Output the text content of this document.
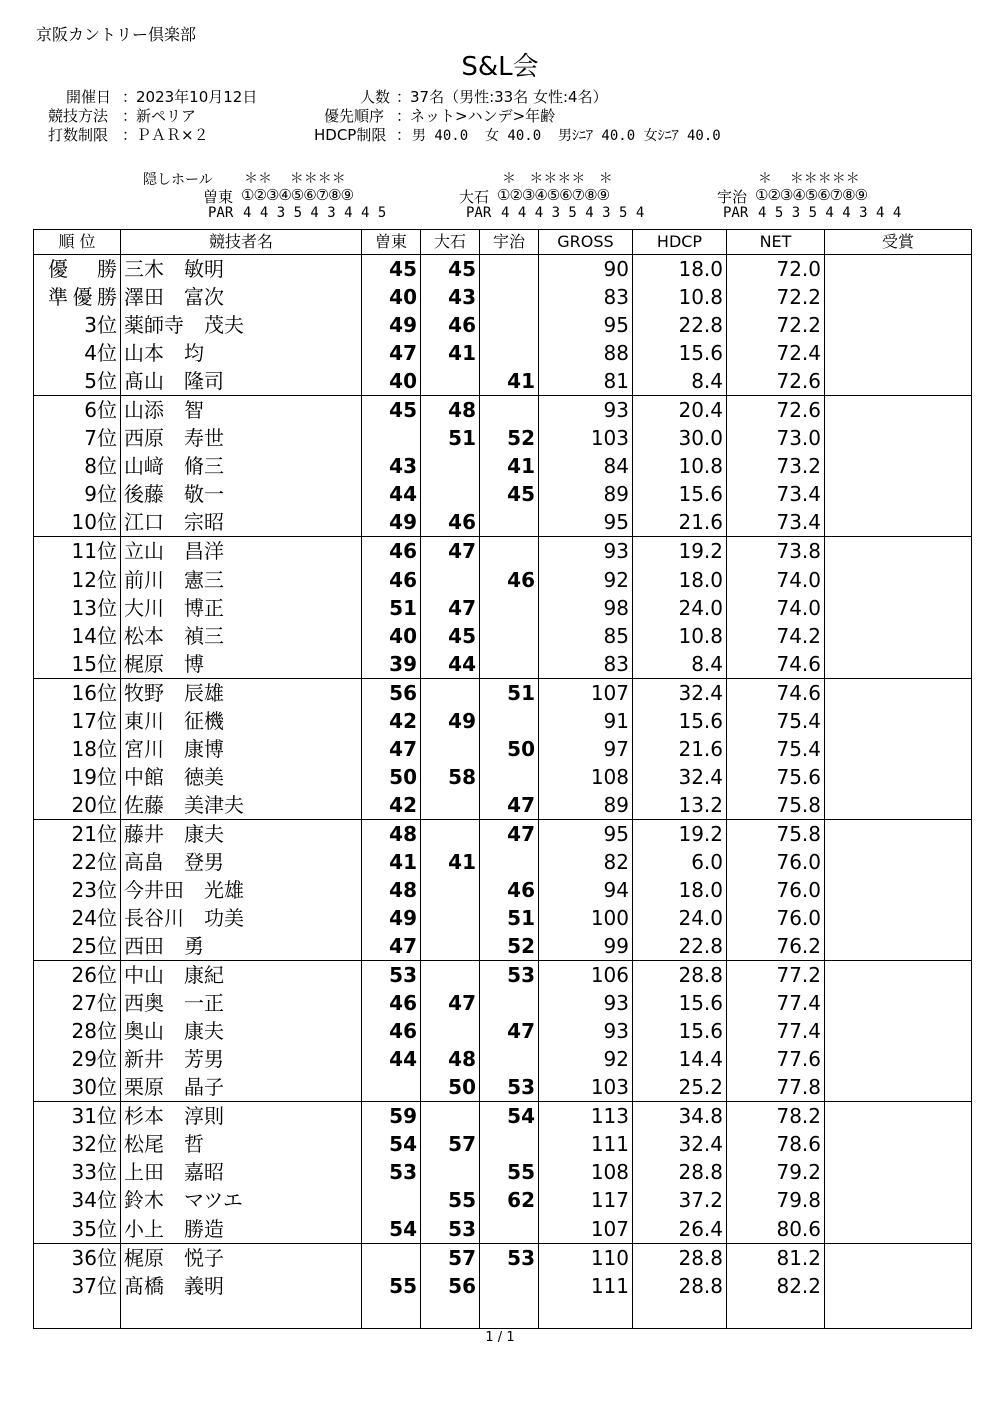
京阪カントリー倶楽部
S&L会
開催日 ：
2023年10月12日
競技方法 ：
新ペリア
打数制限 ：
ＰＡＲ×２
人数 ：
37名（男性:33名 女性:4名）
優先順序 ：
ネット>ハンデ>年齢
HDCP制限 ： 男 40.0  女 40.0  男ｼﾆｱ 40.0 女ｼﾆｱ 40.0
隠しホール ＊＊    ＊＊＊＊
曽東 ①②③④⑤⑥⑦⑧⑨
PAR 4 4 3 5 4 3 4 4 5
＊   ＊＊＊＊   ＊
大石 ①②③④⑤⑥⑦⑧⑨
PAR 4 4 4 3 5 4 3 5 4
＊    ＊＊＊＊＊
宇治 ①②③④⑤⑥⑦⑧⑨
PAR 4 5 3 5 4 4 3 4 4
順 位	競技者名	曽東	大石	宇治	GROSS	HDCP	NET	受賞
優 勝	三木　敏明	45	45		90	18.0	72.0	
準優勝	澤田　富次	40	43		83	10.8	72.2	
3位	薬師寺　茂夫	49	46		95	22.8	72.2	
4位	山本　均	47	41		88	15.6	72.4	
5位	髙山　隆司	40		41	81	8.4	72.6	
6位	山添　智	45	48		93	20.4	72.6	
7位	西原　寿世		51	52	103	30.0	73.0	
8位	山﨑　脩三	43		41	84	10.8	73.2	
9位	後藤　敬一	44		45	89	15.6	73.4	
10位	江口　宗昭	49	46		95	21.6	73.4	
11位	立山　昌洋	46	47		93	19.2	73.8	
12位	前川　憲三	46		46	92	18.0	74.0	
13位	大川　博正	51	47		98	24.0	74.0	
14位	松本　禎三	40	45		85	10.8	74.2	
15位	梶原　博	39	44		83	8.4	74.6	
16位	牧野　辰雄	56		51	107	32.4	74.6	
17位	東川　征機	42	49		91	15.6	75.4	
18位	宮川　康博	47		50	97	21.6	75.4	
19位	中館　徳美	50	58		108	32.4	75.6	
20位	佐藤　美津夫	42		47	89	13.2	75.8	
21位	藤井　康夫	48		47	95	19.2	75.8	
22位	高畠　登男	41	41		82	6.0	76.0	
23位	今井田　光雄	48		46	94	18.0	76.0	
24位	長谷川　功美	49		51	100	24.0	76.0	
25位	西田　勇	47		52	99	22.8	76.2	
26位	中山　康紀	53		53	106	28.8	77.2	
27位	西奥　一正	46	47		93	15.6	77.4	
28位	奥山　康夫	46		47	93	15.6	77.4	
29位	新井　芳男	44	48		92	14.4	77.6	
30位	栗原　晶子		50	53	103	25.2	77.8	
31位	杉本　淳則	59		54	113	34.8	78.2	
32位	松尾　哲	54	57		111	32.4	78.6	
33位	上田　嘉昭	53		55	108	28.8	79.2	
34位	鈴木　マツエ		55	62	117	37.2	79.8	
35位	小上　勝造	54	53		107	26.4	80.6	
36位	梶原　悦子		57	53	110	28.8	81.2	
37位	髙橋　義明	55	56		111	28.8	82.2	

1 / 1
